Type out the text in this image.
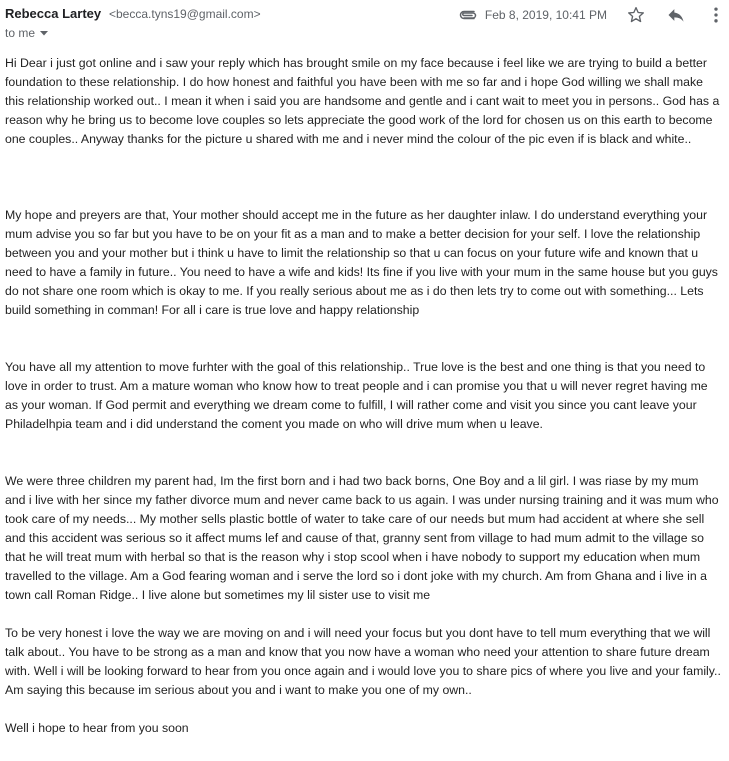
Rebecca Lartey <becca.tyns19@gmail.com>	Feb 8, 2019, 10:41 PM
to me

Hi Dear i just got online and i saw your reply which has brought smile on my face because i feel like we are trying to build a better foundation to these relationship. I do how honest and faithful you have been with me so far and i hope God willing we shall make this relationship worked out.. I mean it when i said you are handsome and gentle and i cant wait to meet you in persons.. God has a reason why he bring us to become love couples so lets appreciate the good work of the lord for chosen us on this earth to become one couples.. Anyway thanks for the picture u shared with me and i never mind the colour of the pic even if is black and white..

My hope and preyers are that, Your mother should accept me in the future as her daughter inlaw. I do understand everything your mum advise you so far but you have to be on your fit as a man and to make a better decision for your self. I love the relationship between you and your mother but i think u have to limit the relationship so that u can focus on your future wife and known that u need to have a family in future.. You need to have a wife and kids! Its fine if you live with your mum in the same house but you guys do not share one room which is okay to me. If you really serious about me as i do then lets try to come out with something... Lets build something in comman! For all i care is true love and happy relationship

You have all my attention to move furhter with the goal of this relationship.. True love is the best and one thing is that you need to love in order to trust. Am a mature woman who know how to treat people and i can promise you that u will never regret having me as your woman. If God permit and everything we dream come to fulfill, I will rather come and visit you since you cant leave your Philadelhpia team and i did understand the coment you made on who will drive mum when u leave.

We were three children my parent had, Im the first born and i had two back borns, One Boy and a lil girl. I was riase by my mum and i live with her since my father divorce mum and never came back to us again. I was under nursing training and it was mum who took care of my needs... My mother sells plastic bottle of water to take care of our needs but mum had accident at where she sell and this accident was serious so it affect mums lef and cause of that, granny sent from village to had mum admit to the village so that he will treat mum with herbal so that is the reason why i stop scool when i have nobody to support my education when mum travelled to the village. Am a God fearing woman and i serve the lord so i dont joke with my church. Am from Ghana and i live in a town call Roman Ridge.. I live alone but sometimes my lil sister use to visit me

To be very honest i love the way we are moving on and i will need your focus but you dont have to tell mum everything that we will talk about.. You have to be strong as a man and know that you now have a woman who need your attention to share future dream with. Well i will be looking forward to hear from you once again and i would love you to share pics of where you live and your family.. Am saying this because im serious about you and i want to make you one of my own..

Well i hope to hear from you soon
